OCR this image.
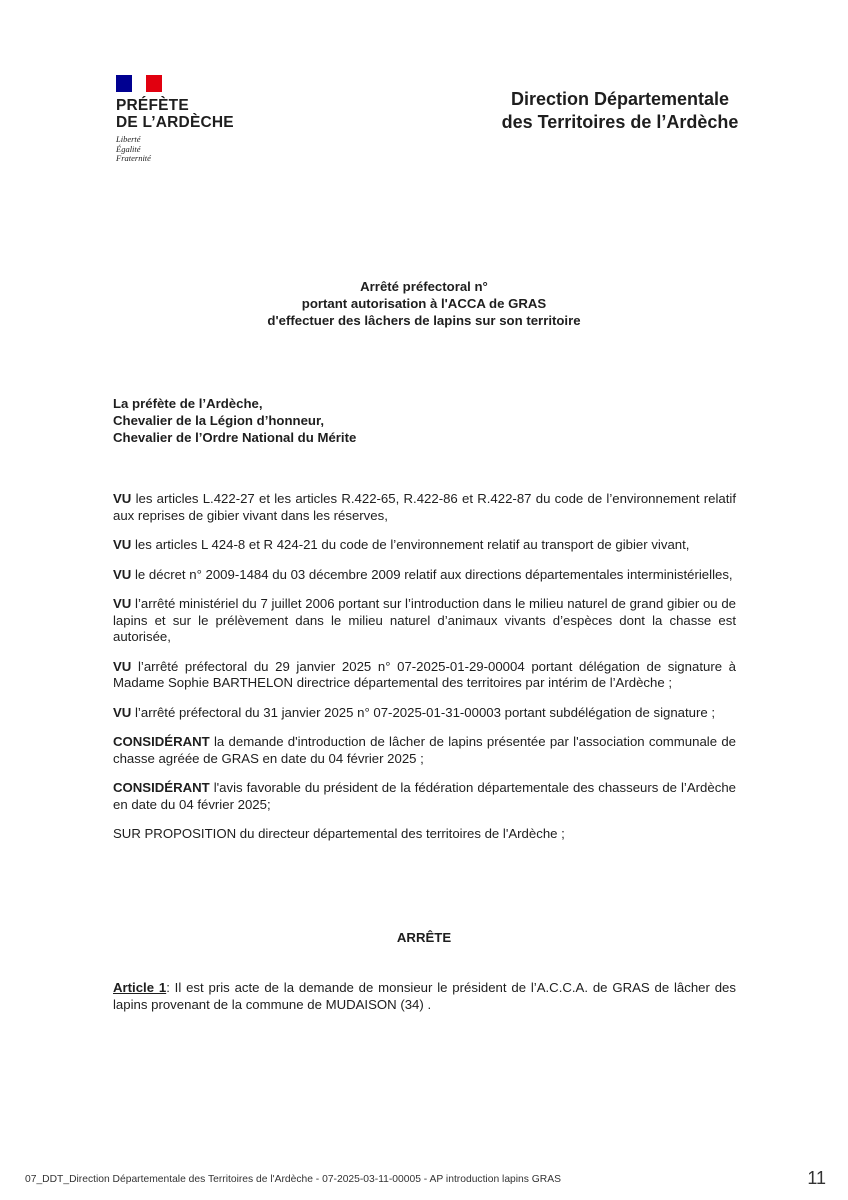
PRÉFÈTE
DE L’ARDÈCHE
Liberté
Égalité
Fraternité
Direction Départementale
des Territoires de l’Ardèche
Arrêté préfectoral n°
portant autorisation à l'ACCA de GRAS
d'effectuer des lâchers de lapins sur son territoire
La préfète de l’Ardèche,
Chevalier de la Légion d’honneur,
Chevalier de l’Ordre National du Mérite

VU les articles L.422-27 et les articles R.422-65, R.422-86 et R.422-87 du code de l’environnement relatif aux reprises de gibier vivant dans les réserves,

VU les articles L 424-8 et R 424-21 du code de l’environnement relatif au transport de gibier vivant,

VU le décret n° 2009-1484 du 03 décembre 2009 relatif aux directions départementales interministérielles,

VU l’arrêté ministériel du 7 juillet 2006 portant sur l’introduction dans le milieu naturel de grand gibier ou de lapins et sur le prélèvement dans le milieu naturel d’animaux vivants d’espèces dont la chasse est autorisée,

VU l’arrêté préfectoral du 29 janvier 2025 n° 07-2025-01-29-00004 portant délégation de signature à Madame Sophie BARTHELON directrice départemental des territoires par intérim de l’Ardèche ;

VU l’arrêté préfectoral du 31 janvier 2025 n° 07-2025-01-31-00003 portant subdélégation de signature ;

CONSIDÉRANT la demande d'introduction de lâcher de lapins présentée par l'association communale de chasse agréée de GRAS en date du 04 février 2025 ;

CONSIDÉRANT l'avis favorable du président de la fédération départementale des chasseurs de l’Ardèche en date du 04 février 2025;

SUR PROPOSITION du directeur départemental des territoires de l'Ardèche ;

ARRÊTE
Article 1: Il est pris acte de la demande de monsieur le président de l’A.C.C.A. de GRAS de lâcher des lapins provenant de la commune de MUDAISON (34) .
07_DDT_Direction Départementale des Territoires de l'Ardèche - 07-2025-03-11-00005 - AP introduction lapins GRAS	11
